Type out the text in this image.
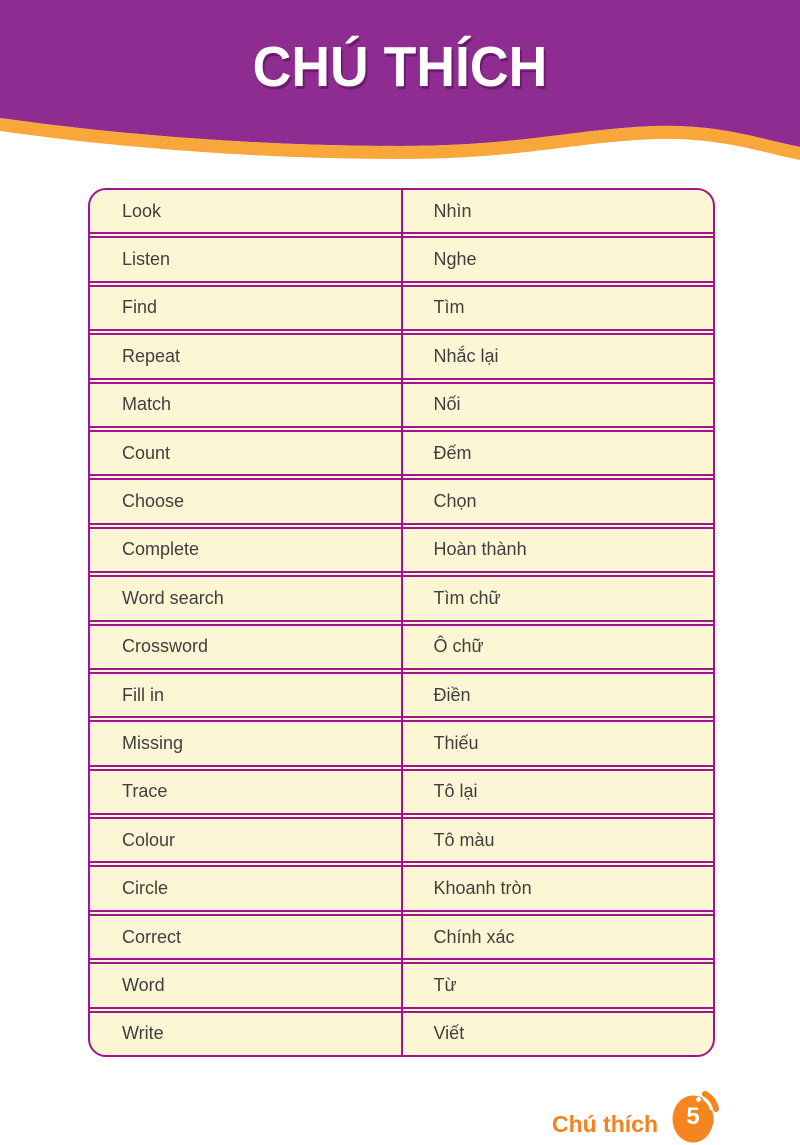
CHÚ THÍCH
Look	Nhìn
Listen	Nghe
Find	Tìm
Repeat	Nhắc lại
Match	Nối
Count	Đếm
Choose	Chọn
Complete	Hoàn thành
Word search	Tìm chữ
Crossword	Ô chữ
Fill in	Điền
Missing	Thiếu
Trace	Tô lại
Colour	Tô màu
Circle	Khoanh tròn
Correct	Chính xác
Word	Từ
Write	Viết
Chú thích	5
